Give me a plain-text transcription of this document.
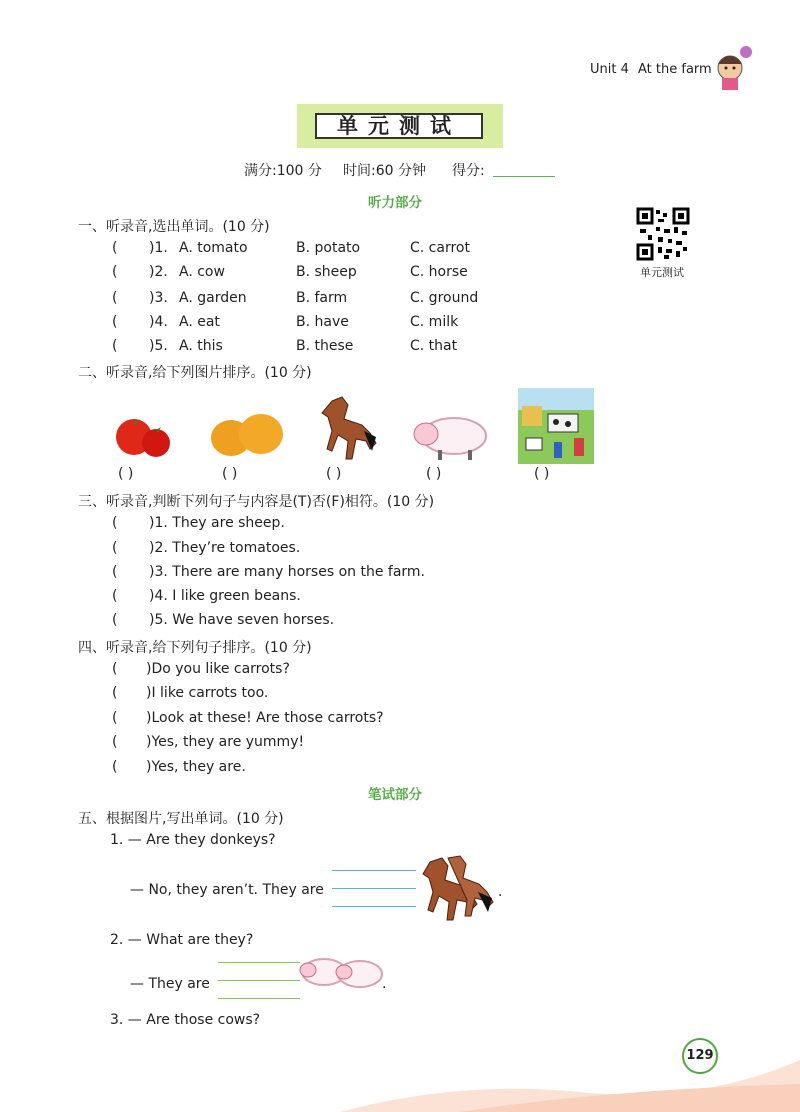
Unit 4 At the farm
单元测试
满分:100 分 时间:60 分钟 得分:
单元测试
听力部分
一、听录音,选出单词。(10 分)
( )1. A. tomato	B. potato	C. carrot
( )2. A. cow	B. sheep	C. horse
( )3. A. garden	B. farm	C. ground
( )4. A. eat	B. have	C. milk
( )5. A. this	B. these	C. that
二、听录音,给下列图片排序。(10 分)
( )	( )	( )	( )	( )
三、听录音,判断下列句子与内容是(T)否(F)相符。(10 分)
( )1. They are sheep.
( )2. They’re tomatoes.
( )3. There are many horses on the farm.
( )4. I like green beans.
( )5. We have seven horses.
四、听录音,给下列句子排序。(10 分)
( )Do you like carrots?
( )I like carrots too.
( )Look at these! Are those carrots?
( )Yes, they are yummy!
( )Yes, they are.
笔试部分
五、根据图片,写出单词。(10 分)
1. — Are they donkeys?
— No, they aren’t. They are	.
2. — What are they?
— They are	.
3. — Are those cows?
129
